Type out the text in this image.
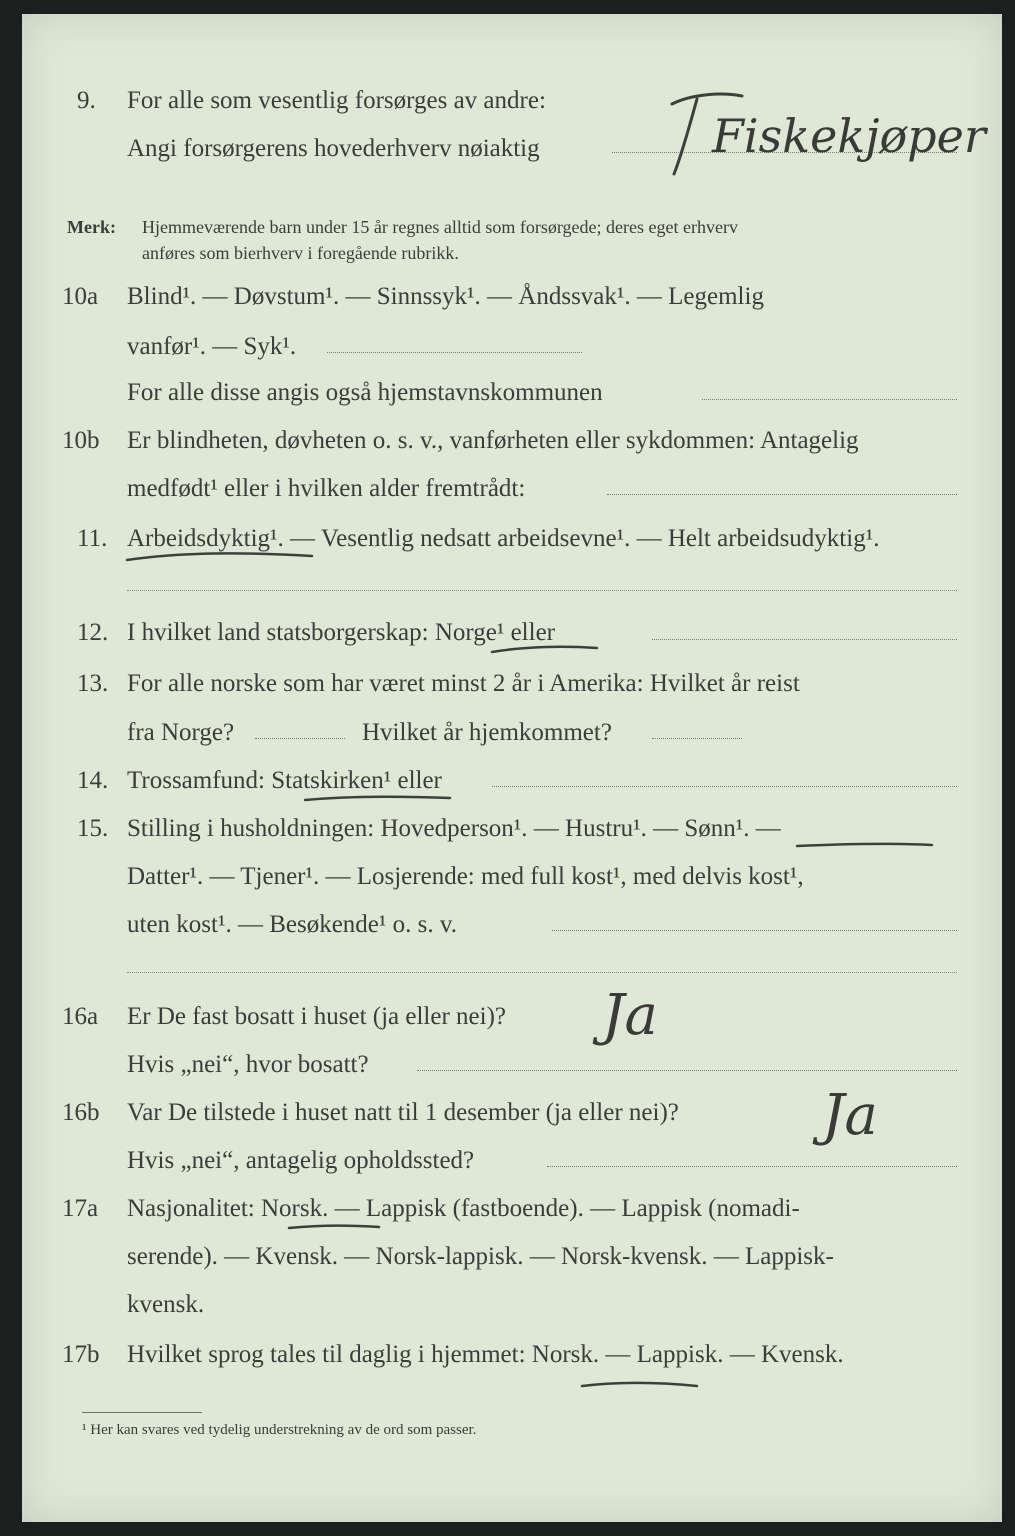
9. For alle som vesentlig forsørges av andre:
Angi forsørgerens hovederhverv nøiaktig	Fiskekjøper
Merk: Hjemmeværende barn under 15 år regnes alltid som forsørgede; deres eget erhverv
anføres som bierhverv i foregående rubrikk.
10a Blind¹. — Døvstum¹. — Sinnssyk¹. — Åndssvak¹. — Legemlig
vanfør¹. — Syk¹.
For alle disse angis også hjemstavnskommunen
10b Er blindheten, døvheten o. s. v., vanførheten eller sykdommen: Antagelig
medfødt¹ eller i hvilken alder fremtrådt:
11. Arbeidsdyktig¹. — Vesentlig nedsatt arbeidsevne¹. — Helt arbeidsudyktig¹.
12. I hvilket land statsborgerskap: Norge¹ eller
13. For alle norske som har været minst 2 år i Amerika: Hvilket år reist
fra Norge?	Hvilket år hjemkommet?
14. Trossamfund: Statskirken¹ eller
15. Stilling i husholdningen: Hovedperson¹. — Hustru¹. — Sønn¹. —
Datter¹. — Tjener¹. — Losjerende: med full kost¹, med delvis kost¹,
uten kost¹. — Besøkende¹ o. s. v.
16a Er De fast bosatt i huset (ja eller nei)? Ja
Hvis „nei“, hvor bosatt?
16b Var De tilstede i huset natt til 1 desember (ja eller nei)?	Ja
Hvis „nei“, antagelig opholdssted?
17a Nasjonalitet: Norsk. — Lappisk (fastboende). — Lappisk (nomadi-
serende). — Kvensk. — Norsk-lappisk. — Norsk-kvensk. — Lappisk-
kvensk.
17b Hvilket sprog tales til daglig i hjemmet: Norsk. — Lappisk. — Kvensk.
¹ Her kan svares ved tydelig understrekning av de ord som passer.
